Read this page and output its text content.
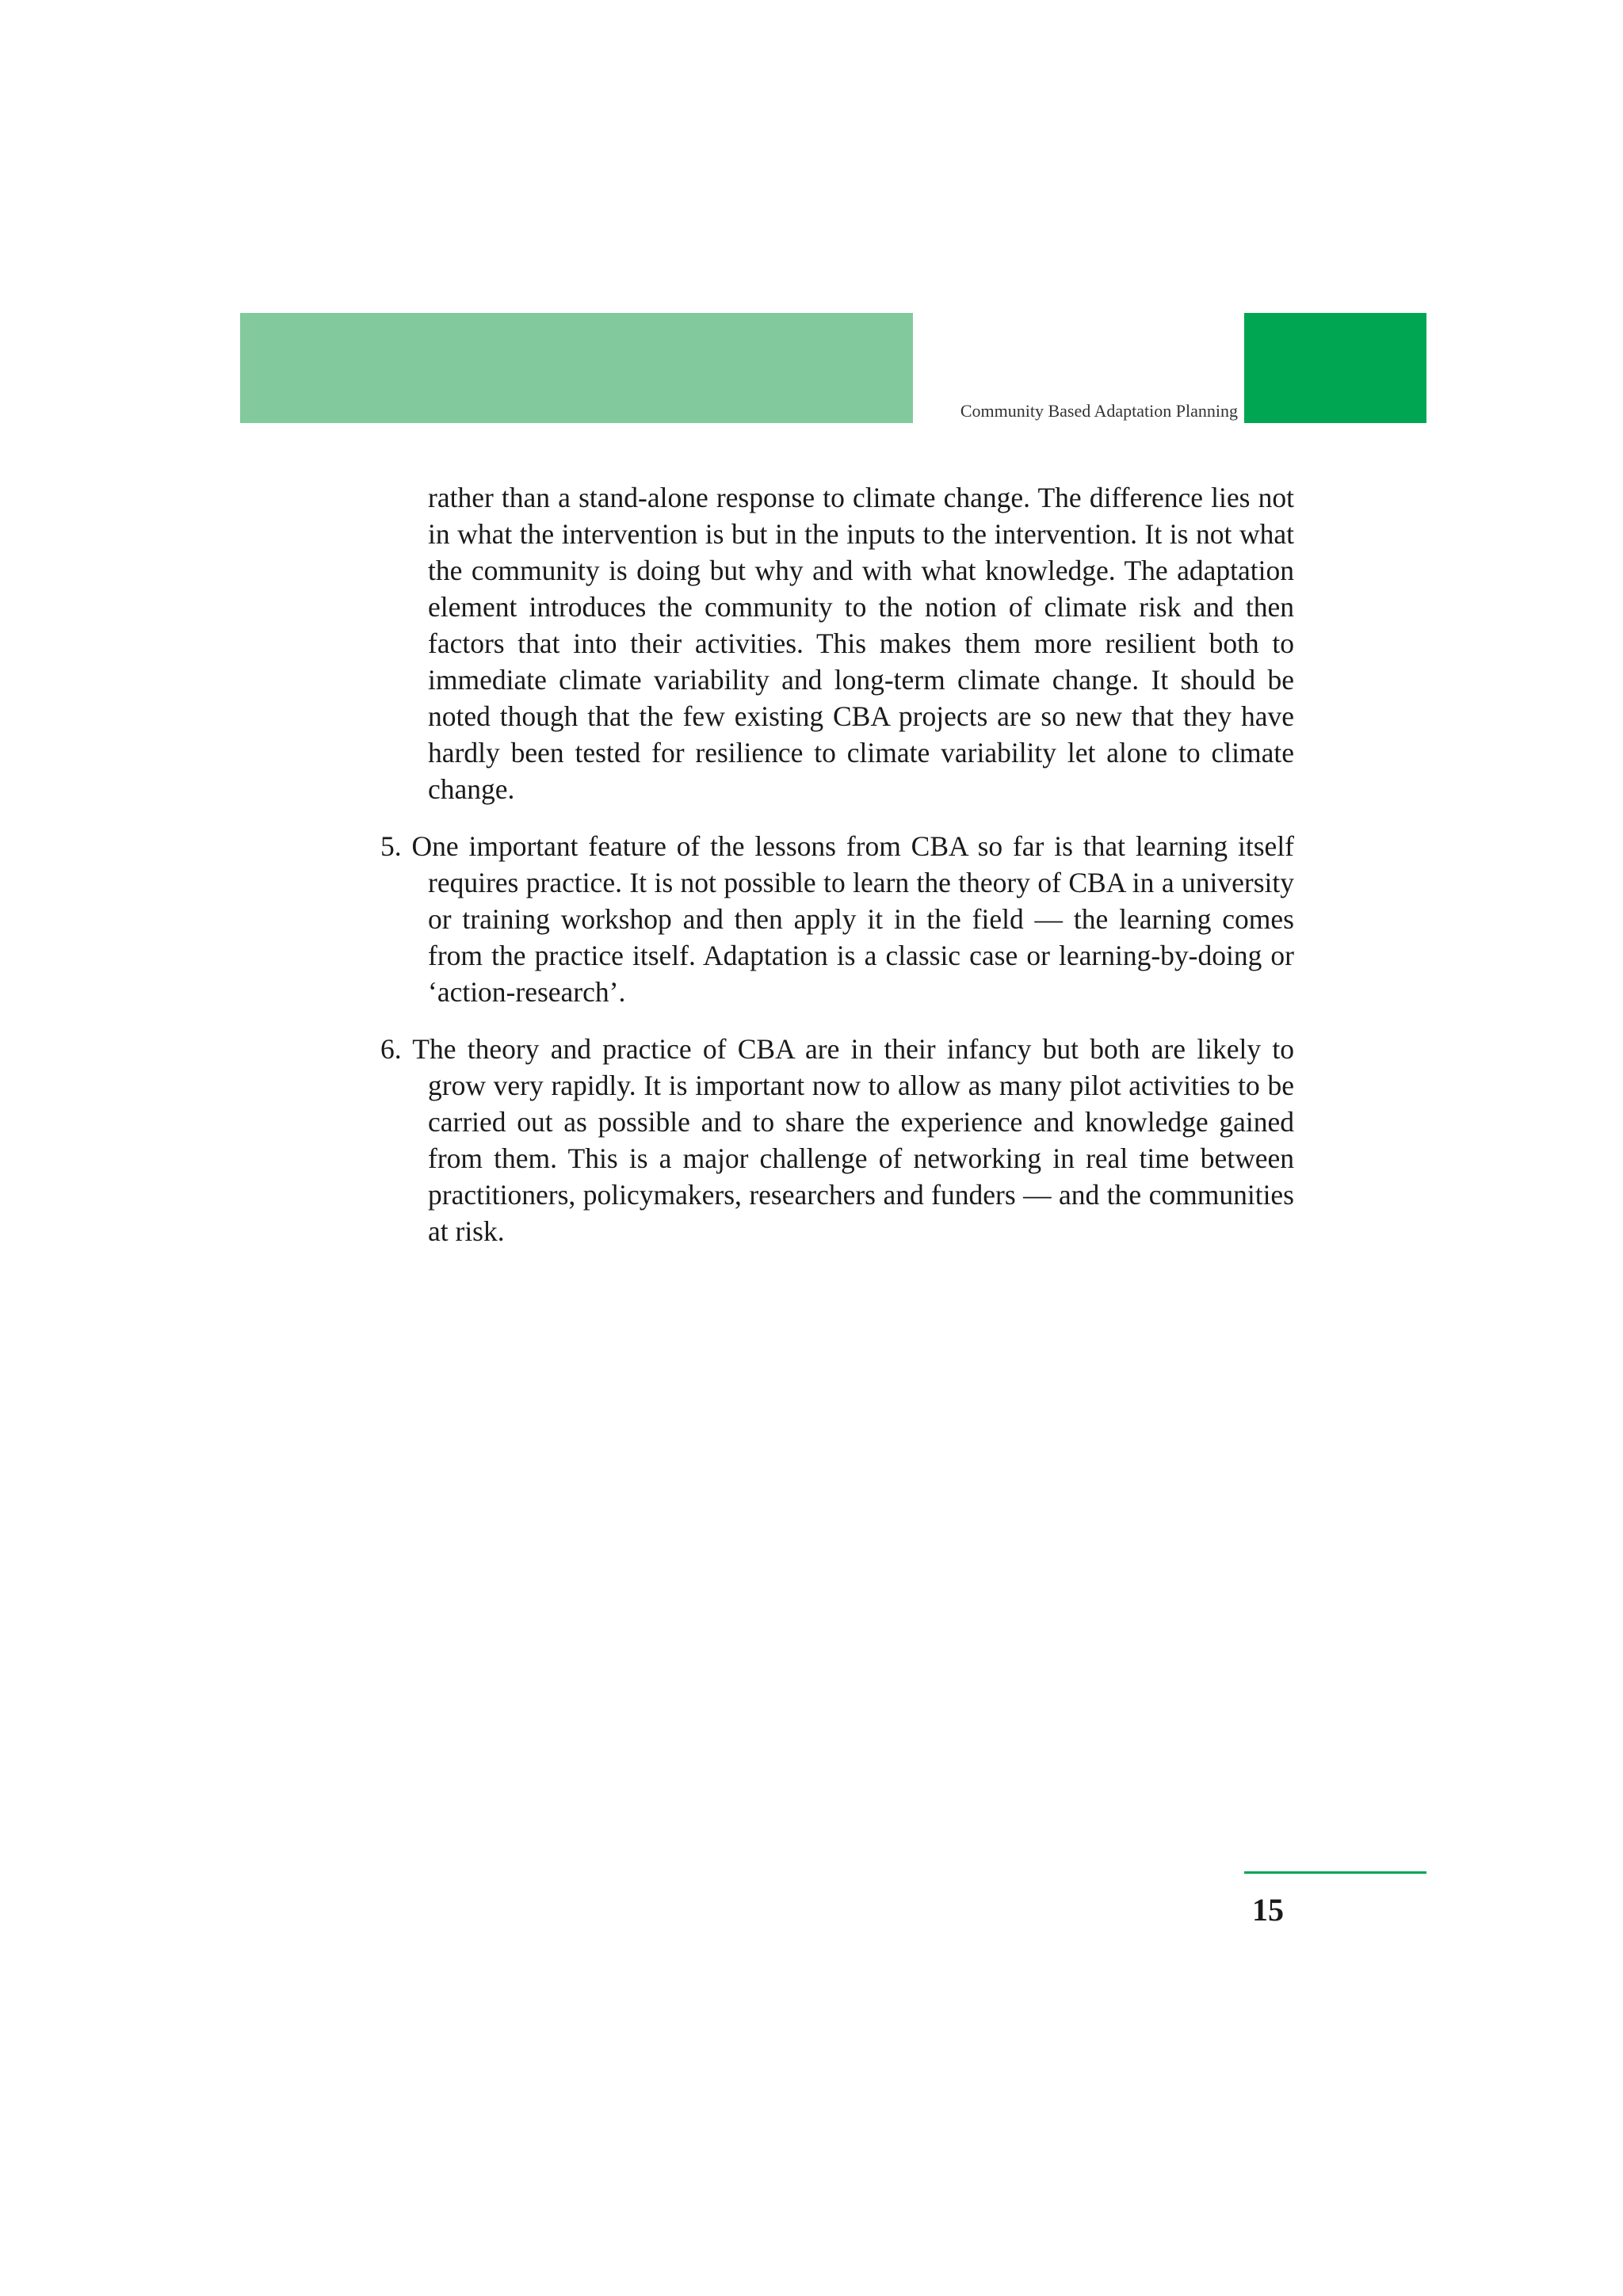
Community Based Adaptation Planning

rather than a stand-alone response to climate change. The difference lies not in what the intervention is but in the inputs to the intervention. It is not what the community is doing but why and with what knowledge. The adaptation element introduces the community to the notion of climate risk and then factors that into their activities. This makes them more resilient both to immediate climate variability and long-term climate change. It should be noted though that the few existing CBA projects are so new that they have hardly been tested for resilience to climate variability let alone to climate change.

5. One important feature of the lessons from CBA so far is that learning itself requires practice. It is not possible to learn the theory of CBA in a university or training workshop and then apply it in the field — the learning comes from the practice itself. Adaptation is a classic case or learning-by-doing or ‘action-research’.

6. The theory and practice of CBA are in their infancy but both are likely to grow very rapidly. It is important now to allow as many pilot activities to be carried out as possible and to share the experience and knowledge gained from them. This is a major challenge of networking in real time between practitioners, policymakers, researchers and funders — and the communities at risk.

15
